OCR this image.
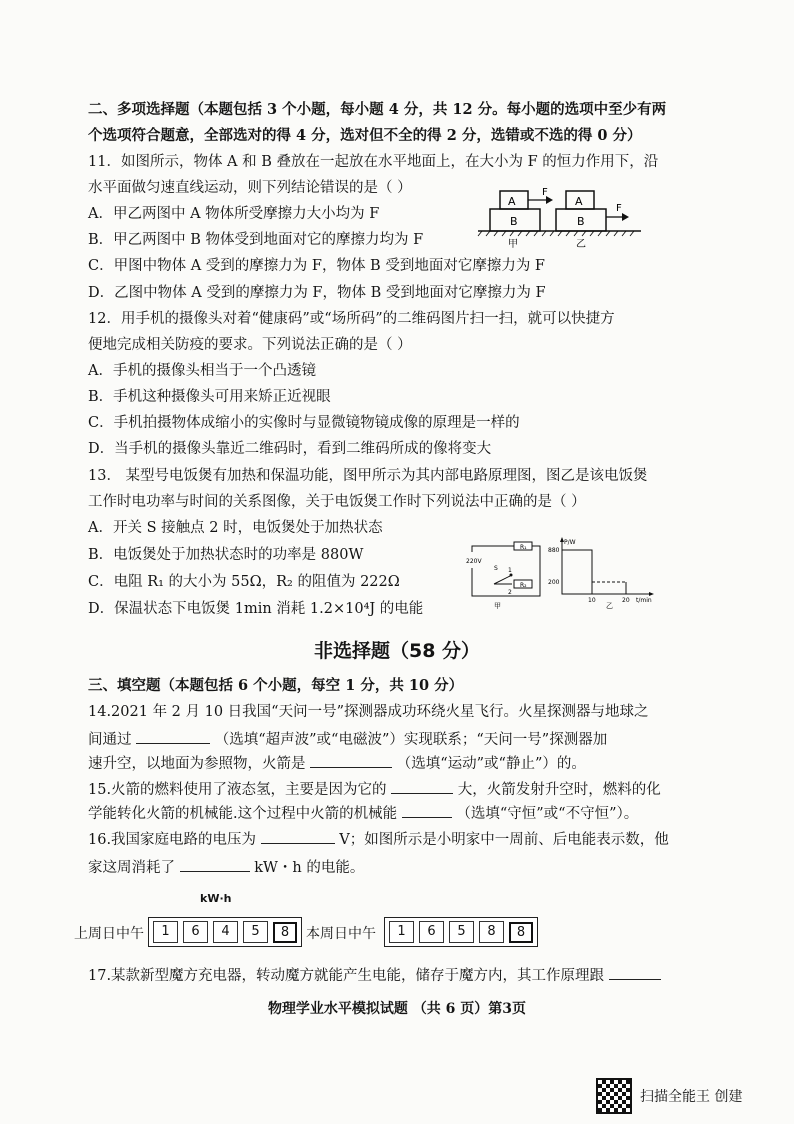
二、多项选择题（本题包括 3 个小题，每小题 4 分，共 12 分。每小题的选项中至少有两
个选项符合题意，全部选对的得 4 分，选对但不全的得 2 分，选错或不选的得 0 分）
11．如图所示，物体 A 和 B 叠放在一起放在水平地面上，在大小为 F 的恒力作用下，沿
水平面做匀速直线运动，则下列结论错误的是（ ）
A．甲乙两图中 A 物体所受摩擦力大小均为 F
B．甲乙两图中 B 物体受到地面对它的摩擦力均为 F
C．甲图中物体 A 受到的摩擦力为 F，物体 B 受到地面对它摩擦力为 F
D．乙图中物体 A 受到的摩擦力为 F，物体 B 受到地面对它摩擦力为 F
A
B
F
A
B
F
甲	乙
12．用手机的摄像头对着“健康码”或“场所码”的二维码图片扫一扫，就可以快捷方
便地完成相关防疫的要求。下列说法正确的是（ ）
A．手机的摄像头相当于一个凸透镜
B．手机这种摄像头可用来矫正近视眼
C．手机拍摄物体成缩小的实像时与显微镜物镜成像的原理是一样的
D．当手机的摄像头靠近二维码时，看到二维码所成的像将变大
13． 某型号电饭煲有加热和保温功能，图甲所示为其内部电路原理图，图乙是该电饭煲
工作时电功率与时间的关系图像，关于电饭煲工作时下列说法中正确的是（ ）
A．开关 S 接触点 2 时，电饭煲处于加热状态
B．电饭煲处于加热状态时的功率是 880W
C．电阻 R₁ 的大小为 55Ω，R₂ 的阻值为 222Ω
D．保温状态下电饭煲 1min 消耗 1.2×10⁴J 的电能
R₁
R₂
S 1
2
220V
甲
P/W
880
200
10	20 t/min
乙
非选择题（58 分）
三、填空题（本题包括 6 个小题，每空 1 分，共 10 分）
14.2021 年 2 月 10 日我国“天问一号”探测器成功环绕火星飞行。火星探测器与地球之
间通过	（选填“超声波”或“电磁波”）实现联系；“天问一号”探测器加
速升空，以地面为参照物，火箭是	（选填“运动”或“静止”）的。
15.火箭的燃料使用了液态氢，主要是因为它的	大，火箭发射升空时，燃料的化
学能转化火箭的机械能.这个过程中火箭的机械能	（选填“守恒”或“不守恒”）。
16.我国家庭电路的电压为	V；如图所示是小明家中一周前、后电能表示数，他
家这周消耗了	kW・h 的电能。
kW·h
上周日中午	1	6	4	5	8	本周日中午	1	6	5	8	8
17.某款新型魔方充电器，转动魔方就能产生电能，储存于魔方内，其工作原理跟
物理学业水平模拟试题 （共 6 页）第3页
扫描全能王 创建
